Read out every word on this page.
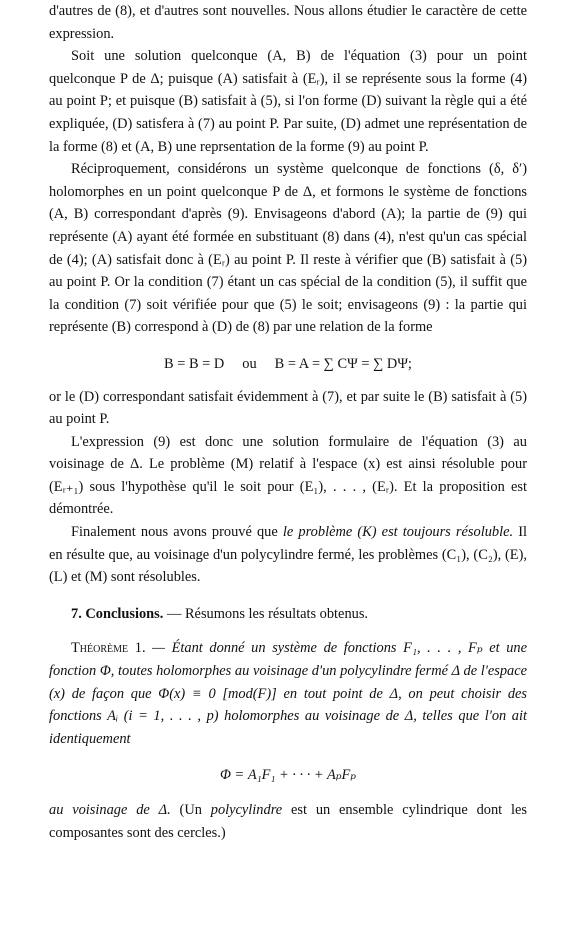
d'autres de (8), et d'autres sont nouvelles. Nous allons étudier le caractère de cette expression.

Soit une solution quelconque (A, B) de l'équation (3) pour un point quelconque P de Δ; puisque (A) satisfait à (Eᵣ), il se représente sous la forme (4) au point P; et puisque (B) satisfait à (5), si l'on forme (D) suivant la règle qui a été expliquée, (D) satisfera à (7) au point P. Par suite, (D) admet une représentation de la forme (8) et (A, B) une reprsentation de la forme (9) au point P.

Réciproquement, considérons un système quelconque de fonctions (δ, δ′) holomorphes en un point quelconque P de Δ, et formons le système de fonctions (A, B) correspondant d'après (9). Envisageons d'abord (A); la partie de (9) qui représente (A) ayant été formée en substituant (8) dans (4), n'est qu'un cas spécial de (4); (A) satisfait donc à (Eᵣ) au point P. Il reste à vérifier que (B) satisfait à (5) au point P. Or la condition (7) étant un cas spécial de la condition (5), il suffit que la condition (7) soit vérifiée pour que (5) le soit; envisageons (9) : la partie qui représente (B) correspond à (D) de (8) par une relation de la forme

B = B = D ou B = A = ∑ CΨ = ∑ DΨ;

or le (D) correspondant satisfait évidemment à (7), et par suite le (B) satisfait à (5) au point P.

L'expression (9) est donc une solution formulaire de l'équation (3) au voisinage de Δ. Le problème (M) relatif à l'espace (x) est ainsi résoluble pour (Eᵣ₊₁) sous l'hypothèse qu'il le soit pour (E₁), . . . , (Eᵣ). Et la proposition est démontrée.

Finalement nous avons prouvé que le problème (K) est toujours résoluble. Il en résulte que, au voisinage d'un polycylindre fermé, les problèmes (C₁), (C₂), (E), (L) et (M) sont résolubles.

7. Conclusions. — Résumons les résultats obtenus.

Théorème 1. — Étant donné un système de fonctions F₁, . . . , Fₚ et une fonction Φ, toutes holomorphes au voisinage d'un polycylindre fermé Δ de l'espace (x) de façon que Φ(x) ≡ 0 [mod(F)] en tout point de Δ, on peut choisir des fonctions Aᵢ (i = 1, . . . , p) holomorphes au voisinage de Δ, telles que l'on ait identiquement

Φ = A₁F₁ + · · · + AₚFₚ

au voisinage de Δ. (Un polycylindre est un ensemble cylindrique dont les composantes sont des cercles.)
